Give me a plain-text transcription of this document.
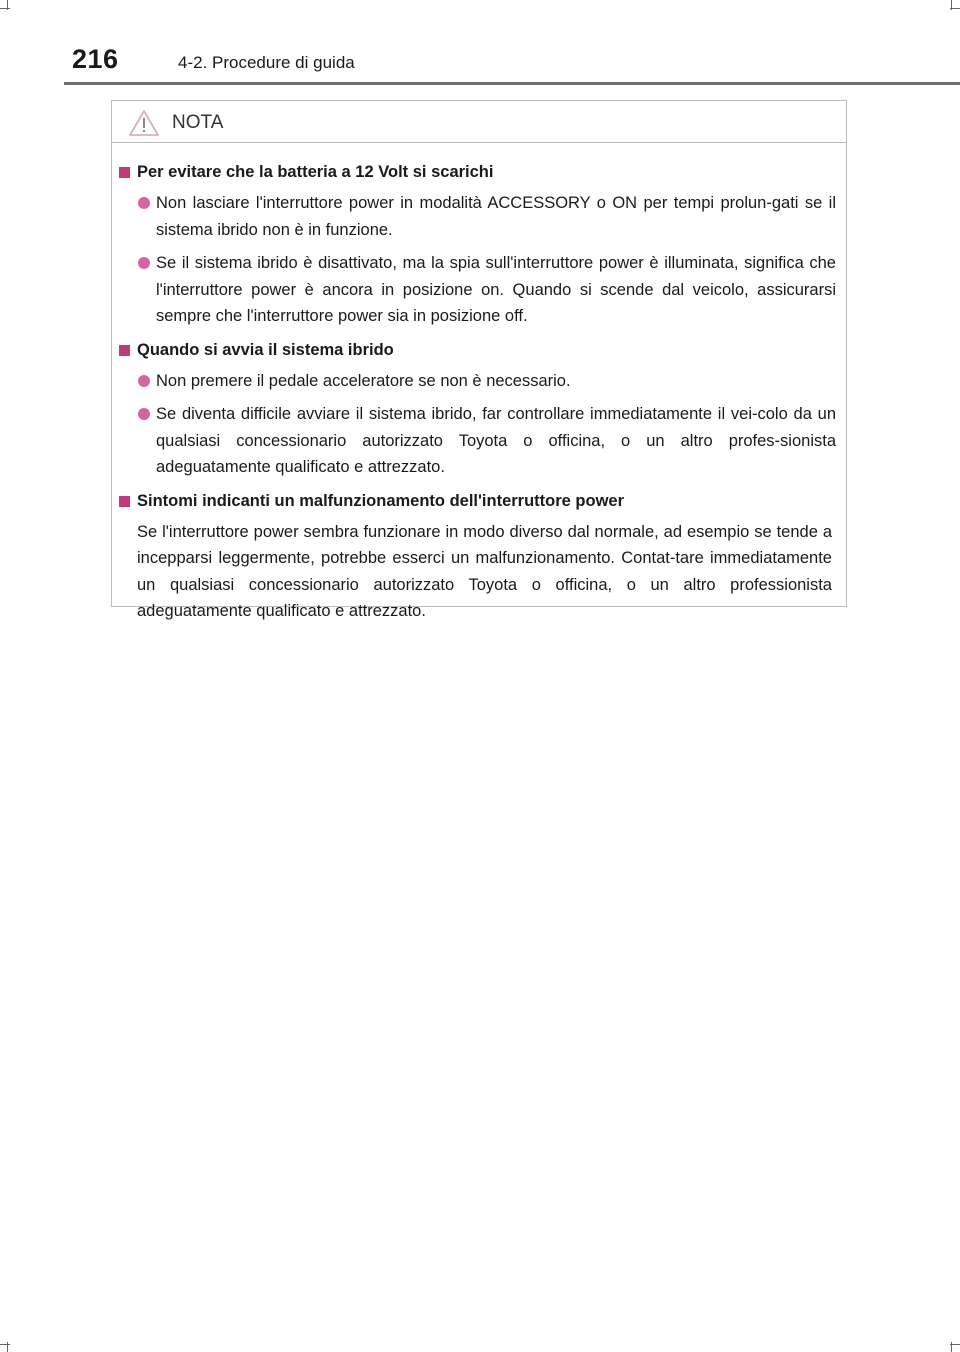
216	4-2. Procedure di guida
NOTA
Per evitare che la batteria a 12 Volt si scarichi
Non lasciare l'interruttore power in modalità ACCESSORY o ON per tempi prolun-gati se il sistema ibrido non è in funzione.
Se il sistema ibrido è disattivato, ma la spia sull'interruttore power è illuminata, significa che l'interruttore power è ancora in posizione on. Quando si scende dal veicolo, assicurarsi sempre che l'interruttore power sia in posizione off.
Quando si avvia il sistema ibrido
Non premere il pedale acceleratore se non è necessario.
Se diventa difficile avviare il sistema ibrido, far controllare immediatamente il vei-colo da un qualsiasi concessionario autorizzato Toyota o officina, o un altro profes-sionista adeguatamente qualificato e attrezzato.
Sintomi indicanti un malfunzionamento dell'interruttore power
Se l'interruttore power sembra funzionare in modo diverso dal normale, ad esempio se tende a incepparsi leggermente, potrebbe esserci un malfunzionamento. Contat-tare immediatamente un qualsiasi concessionario autorizzato Toyota o officina, o un altro professionista adeguatamente qualificato e attrezzato.
